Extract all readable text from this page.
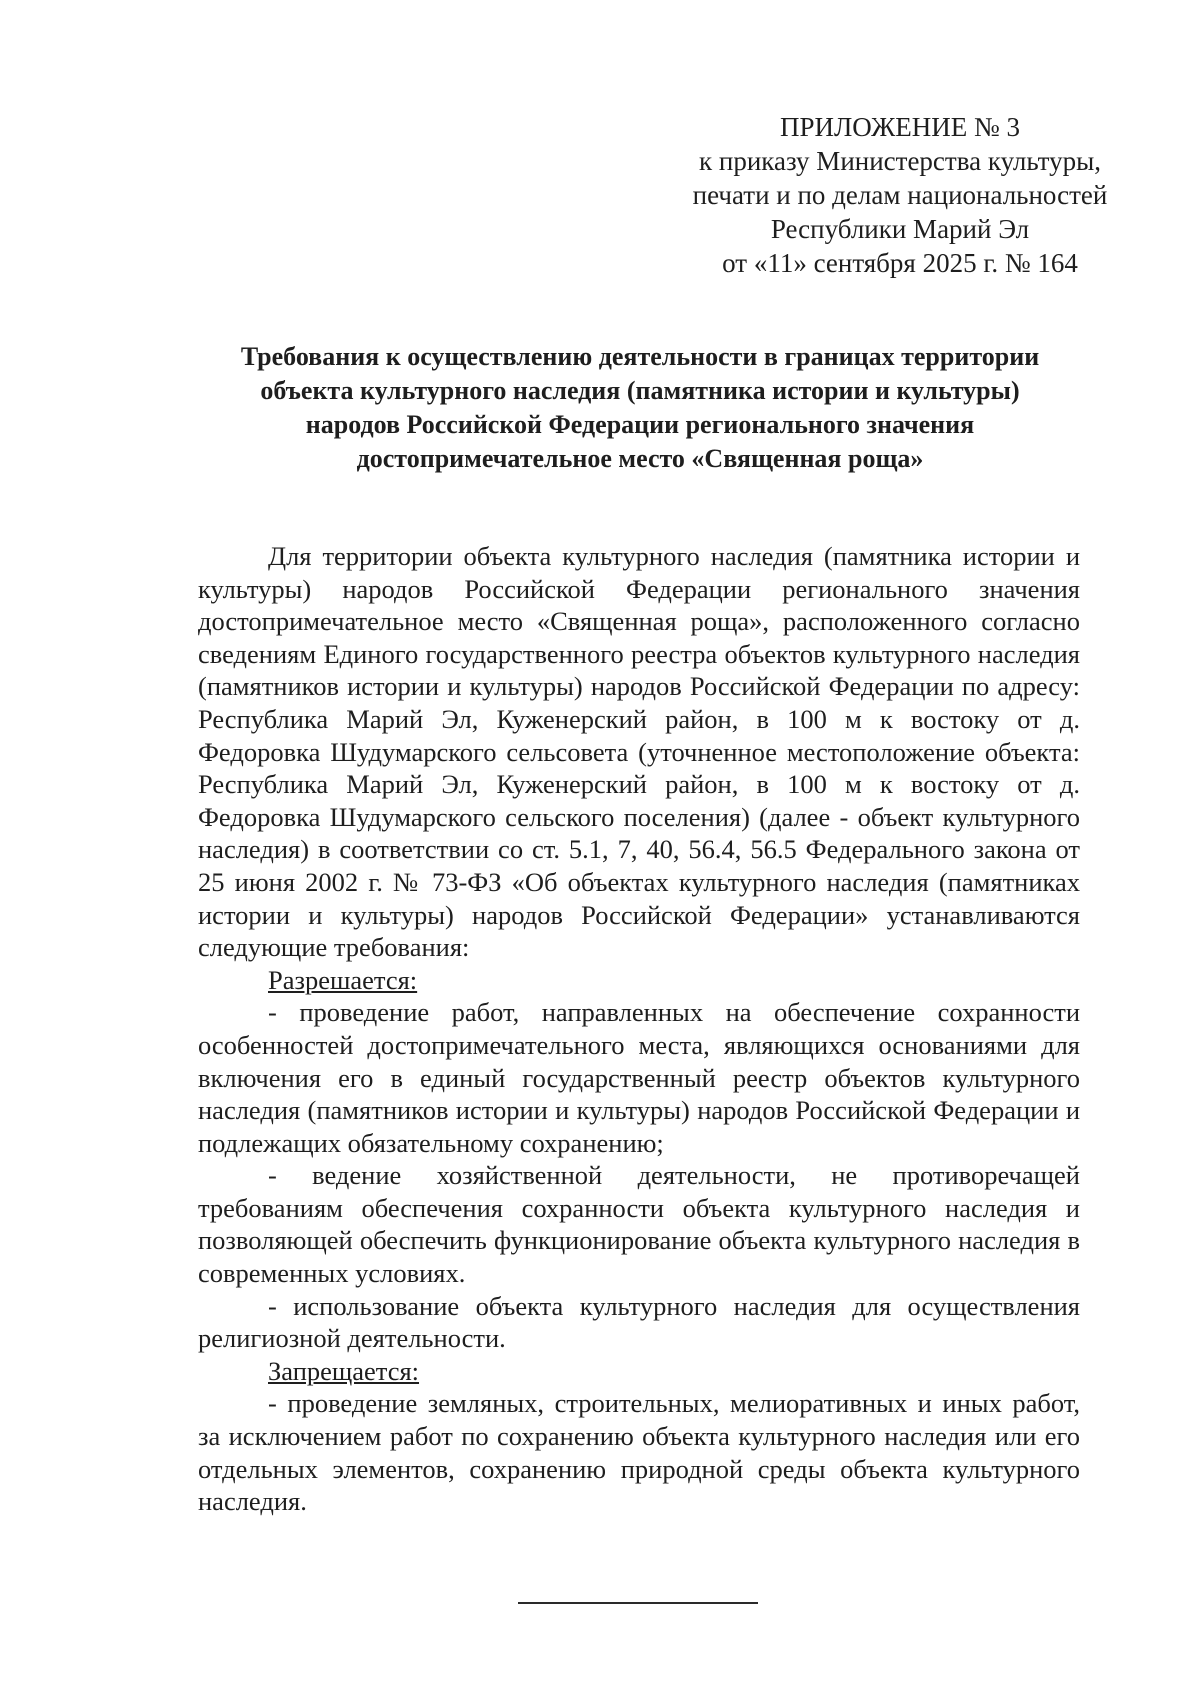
ПРИЛОЖЕНИЕ № 3
к приказу Министерства культуры,
печати и по делам национальностей
Республики Марий Эл
от «11» сентября 2025 г. № 164
Требования к осуществлению деятельности в границах территории
объекта культурного наследия (памятника истории и культуры)
народов Российской Федерации регионального значения
достопримечательное место «Священная роща»

Для территории объекта культурного наследия (памятника истории и культуры) народов Российской Федерации регионального значения достопримечательное место «Священная роща», расположенного согласно сведениям Единого государственного реестра объектов культурного наследия (памятников истории и культуры) народов Российской Федерации по адресу: Республика Марий Эл, Куженерский район, в 100 м к востоку от д. Федоровка Шудумарского сельсовета (уточненное местоположение объекта: Республика Марий Эл, Куженерский район, в 100 м к востоку от д. Федоровка Шудумарского сельского поселения) (далее - объект культурного наследия) в соответствии со ст. 5.1, 7, 40, 56.4, 56.5 Федерального закона от 25 июня 2002 г. № 73-ФЗ «Об объектах культурного наследия (памятниках истории и культуры) народов Российской Федерации» устанавливаются следующие требования:

Разрешается:

- проведение работ, направленных на обеспечение сохранности особенностей достопримечательного места, являющихся основаниями для включения его в единый государственный реестр объектов культурного наследия (памятников истории и культуры) народов Российской Федерации и подлежащих обязательному сохранению;

- ведение хозяйственной деятельности, не противоречащей требованиям обеспечения сохранности объекта культурного наследия и позволяющей обеспечить функционирование объекта культурного наследия в современных условиях.

- использование объекта культурного наследия для осуществления религиозной деятельности.

Запрещается:

- проведение земляных, строительных, мелиоративных и иных работ, за исключением работ по сохранению объекта культурного наследия или его отдельных элементов, сохранению природной среды объекта культурного наследия.
